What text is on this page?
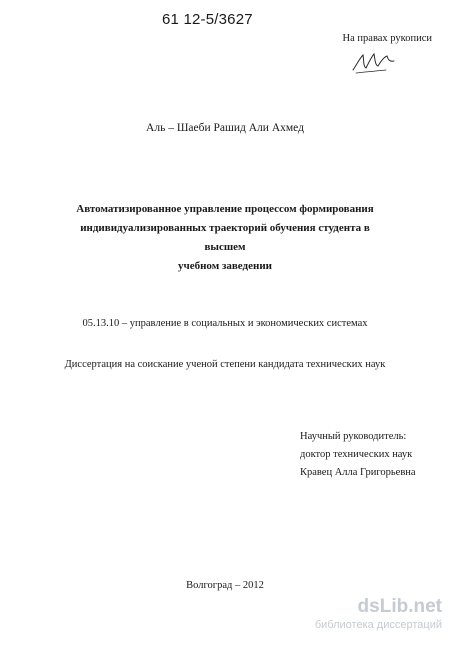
61 12-5/3627
На правах рукописи
Аль – Шаеби Рашид Али Ахмед
Автоматизированное управление процессом формирования
индивидуализированных траекторий обучения студента в высшем
учебном заведении
05.13.10 – управление в социальных и экономических системах
Диссертация на соискание ученой степени кандидата технических наук
Научный руководитель:
доктор технических наук
Кравец Алла Григорьевна
Волгоград – 2012
dsLib.net
библиотека диссертаций
